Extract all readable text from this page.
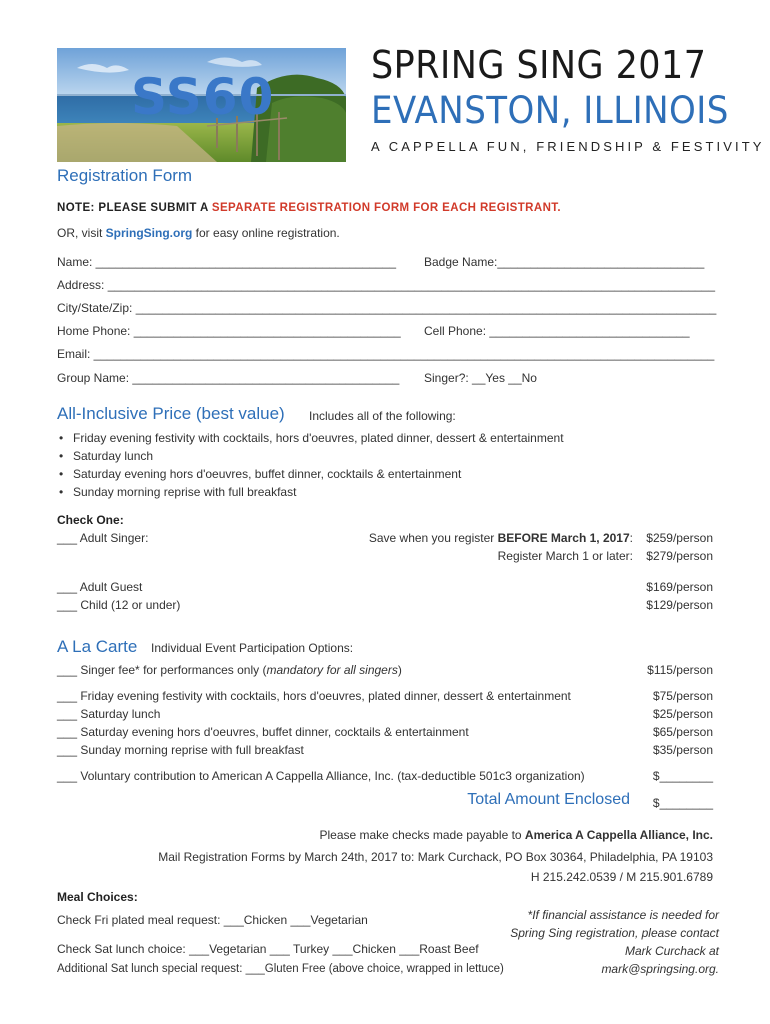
SS60
SPRING SING 2017
EVANSTON, ILLINOIS
A CAPPELLA FUN, FRIENDSHIP & FESTIVITY
Registration Form
NOTE: PLEASE SUBMIT A SEPARATE REGISTRATION FORM FOR EACH REGISTRANT.
OR, visit SpringSing.org for easy online registration.
Name: _____________________________________________ Badge Name:_______________________________
Address: ___________________________________________________________________________________________
City/State/Zip: _______________________________________________________________________________________
Home Phone: ________________________________________ Cell Phone: ______________________________
Email: _____________________________________________________________________________________________
Group Name: ________________________________________ Singer?: __Yes __No
All-Inclusive Price (best value) Includes all of the following:
• Friday evening festivity with cocktails, hors d'oeuvres, plated dinner, dessert & entertainment
• Saturday lunch
• Saturday evening hors d'oeuvres, buffet dinner, cocktails & entertainment
• Sunday morning reprise with full breakfast
Check One:
___ Adult Singer:	Save when you register BEFORE March 1, 2017: $259/person
Register March 1 or later: $279/person
___ Adult Guest	$169/person
___ Child (12 or under)	$129/person
A La Carte Individual Event Participation Options:
___ Singer fee* for performances only (mandatory for all singers)	$115/person
___ Friday evening festivity with cocktails, hors d'oeuvres, plated dinner, dessert & entertainment	$75/person
___ Saturday lunch	$25/person
___ Saturday evening hors d'oeuvres, buffet dinner, cocktails & entertainment	$65/person
___ Sunday morning reprise with full breakfast	$35/person
___ Voluntary contribution to American A Cappella Alliance, Inc. (tax-deductible 501c3 organization)	$________
Total Amount Enclosed $________
Please make checks made payable to America A Cappella Alliance, Inc.
Mail Registration Forms by March 24th, 2017 to: Mark Curchack, PO Box 30364, Philadelphia, PA 19103
H 215.242.0539 / M 215.901.6789
Meal Choices:
Check Fri plated meal request: ___Chicken ___Vegetarian
Check Sat lunch choice: ___Vegetarian ___ Turkey ___Chicken ___Roast Beef
Additional Sat lunch special request: ___Gluten Free (above choice, wrapped in lettuce)
*If financial assistance is needed for Spring Sing registration, please contact Mark Curchack at mark@springsing.org.
